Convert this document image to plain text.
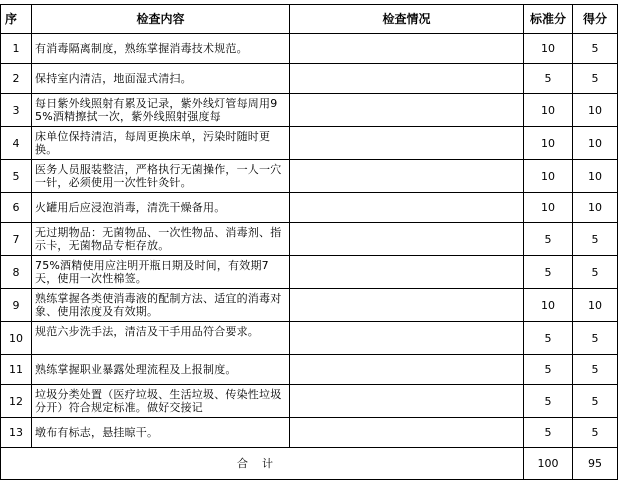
序	检查内容	检查情况	标准分	得分
1	有消毒隔离制度，熟练掌握消毒技术规范。		10	5
2	保持室内清洁，地面湿式清扫。		5	5
3	每日紫外线照射有累及记录，紫外线灯管每周用95%酒精擦拭一次，紫外线照射强度每		10	10
4	床单位保持清洁，每周更换床单，污染时随时更换。		10	10
5	医务人员服装整洁，严格执行无菌操作，一人一穴一针，必须使用一次性针灸针。		10	10
6	火罐用后应浸泡消毒，清洗干燥备用。		10	10
7	无过期物品：无菌物品、一次性物品、消毒剂、指示卡，无菌物品专柜存放。		5	5
8	75%酒精使用应注明开瓶日期及时间，有效期7天，使用一次性棉签。		5	5
9	熟练掌握各类使消毒液的配制方法、适宜的消毒对象、使用浓度及有效期。		10	10
10	规范六步洗手法，清洁及干手用品符合要求。		5	5
11	熟练掌握职业暴露处理流程及上报制度。		5	5
12	垃圾分类处置（医疗垃圾、生活垃圾、传染性垃圾分开）符合规定标准。做好交接记		5	5
13	墩布有标志，悬挂晾干。		5	5
合计			100	95
